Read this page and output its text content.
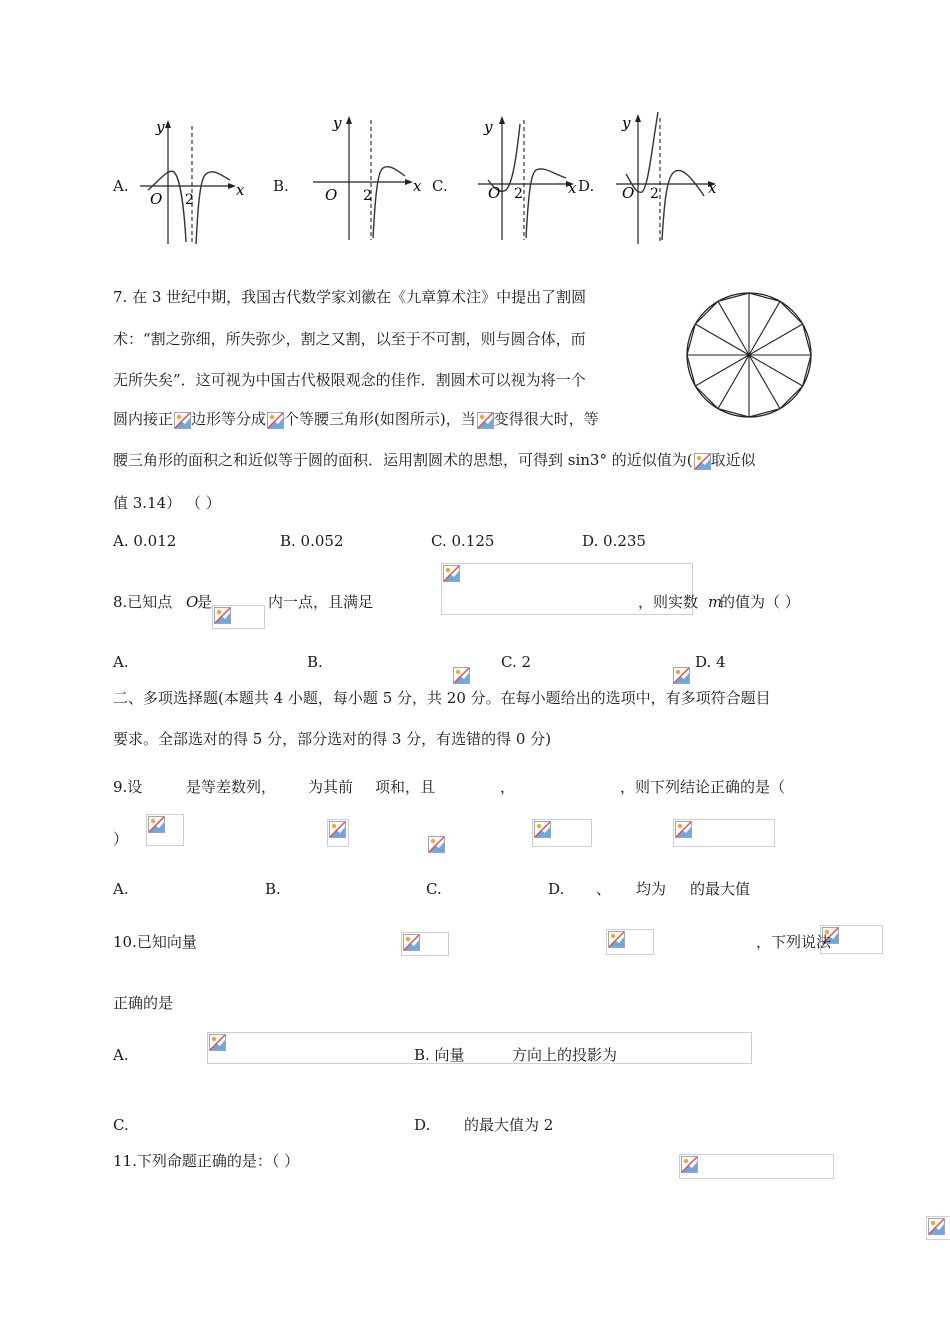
A.	B.	C.	D.
y
x
O 2
y
x
O 2
y
x
O 2
y
x
O 2
7. 在 3 世纪中期，我国古代数学家刘徽在《九章算术注》中提出了割圆
术：“割之弥细，所失弥少，割之又割，以至于不可割，则与圆合体，而
无所失矣”．这可视为中国古代极限观念的佳作．割圆术可以视为将一个
圆内接正 边形等分成 个等腰三角形(如图所示)，当 变得很大时，等
腰三角形的面积之和近似等于圆的面积．运用割圆术的思想，可得到 sin3° 的近似值为( 取近似
值 3.14） （ ）
A. 0.012	B. 0.052	C. 0.125	D. 0.235
8.已知点 O
是
	内一点，且满足
	，则实数 m
的值为（ ）
A.
	B.	C. 2	D. 4
二、多项选择题(本题共 4 小题，每小题 5 分，共 20 分。在每小题给出的选项中，有多项符合题目
要求。全部选对的得 5 分，部分选对的得 3 分，有选错的得 0 分)
9.设
	是等差数列，
为其前
项和，且
	，
	，则下列结论正确的是（
）
A.
	B.
	C.
	D.
、
均为 的最大值
10.已知向量
	，下列说法
正确的是
A.
	B. 向量
	方向上的投影为

C.
	D. 的最大值为 2
11.下列命题正确的是：（ ）
